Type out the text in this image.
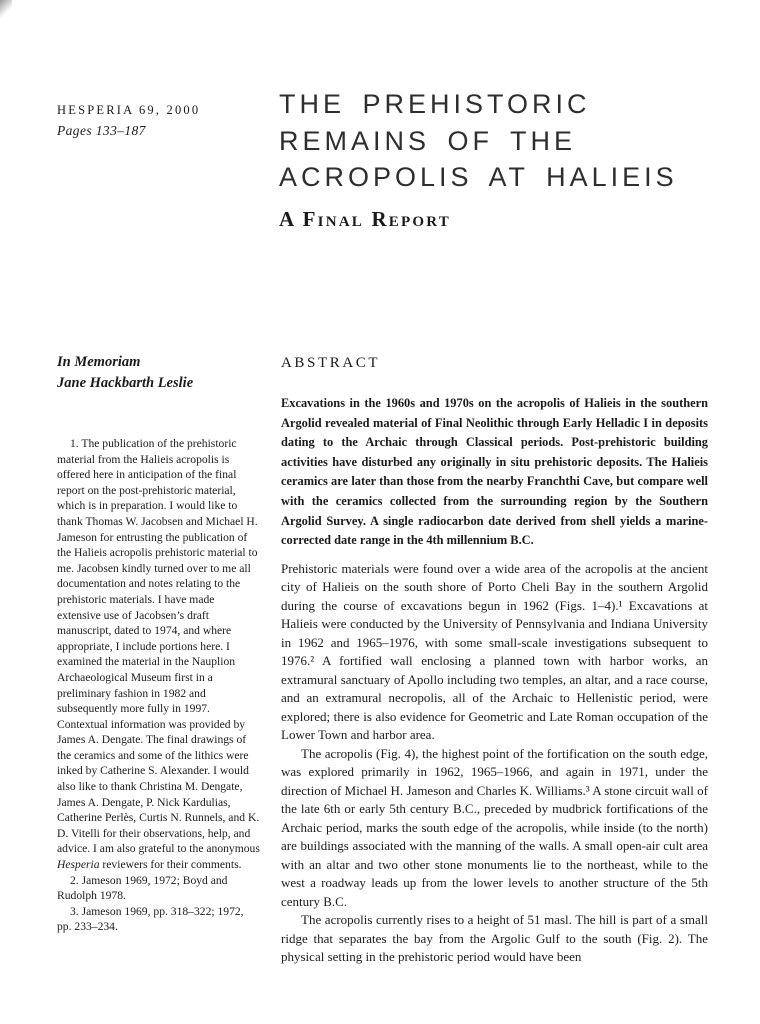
HESPERIA 69, 2000
Pages 133–187
THE PREHISTORIC
REMAINS OF THE
ACROPOLIS AT HALIEIS
A Final Report
In Memoriam
Jane Hackbarth Leslie

1. The publication of the prehistoric material from the Halieis acropolis is offered here in anticipation of the final report on the post-prehistoric material, which is in preparation. I would like to thank Thomas W. Jacobsen and Michael H. Jameson for entrusting the publication of the Halieis acropolis prehistoric material to me. Jacobsen kindly turned over to me all documentation and notes relating to the prehistoric materials. I have made extensive use of Jacobsen’s draft manuscript, dated to 1974, and where appropriate, I include portions here. I examined the material in the Nauplion Archaeological Museum first in a preliminary fashion in 1982 and subsequently more fully in 1997. Contextual information was provided by James A. Dengate. The final drawings of the ceramics and some of the lithics were inked by Catherine S. Alexander. I would also like to thank Christina M. Dengate, James A. Dengate, P. Nick Kardulias, Catherine Perlès, Curtis N. Runnels, and K. D. Vitelli for their observations, help, and advice. I am also grateful to the anonymous Hesperia reviewers for their comments.

2. Jameson 1969, 1972; Boyd and Rudolph 1978.

3. Jameson 1969, pp. 318–322; 1972, pp. 233–234.

ABSTRACT

Excavations in the 1960s and 1970s on the acropolis of Halieis in the southern Argolid revealed material of Final Neolithic through Early Helladic I in deposits dating to the Archaic through Classical periods. Post-prehistoric building activities have disturbed any originally in situ prehistoric deposits. The Halieis ceramics are later than those from the nearby Franchthi Cave, but compare well with the ceramics collected from the surrounding region by the Southern Argolid Survey. A single radiocarbon date derived from shell yields a marine-corrected date range in the 4th millennium B.C.

Prehistoric materials were found over a wide area of the acropolis at the ancient city of Halieis on the south shore of Porto Cheli Bay in the southern Argolid during the course of excavations begun in 1962 (Figs. 1–4).¹ Excavations at Halieis were conducted by the University of Pennsylvania and Indiana University in 1962 and 1965–1976, with some small-scale investigations subsequent to 1976.² A fortified wall enclosing a planned town with harbor works, an extramural sanctuary of Apollo including two temples, an altar, and a race course, and an extramural necropolis, all of the Archaic to Hellenistic period, were explored; there is also evidence for Geometric and Late Roman occupation of the Lower Town and harbor area.

The acropolis (Fig. 4), the highest point of the fortification on the south edge, was explored primarily in 1962, 1965–1966, and again in 1971, under the direction of Michael H. Jameson and Charles K. Williams.³ A stone circuit wall of the late 6th or early 5th century B.C., preceded by mudbrick fortifications of the Archaic period, marks the south edge of the acropolis, while inside (to the north) are buildings associated with the manning of the walls. A small open-air cult area with an altar and two other stone monuments lie to the northeast, while to the west a roadway leads up from the lower levels to another structure of the 5th century B.C.

The acropolis currently rises to a height of 51 masl. The hill is part of a small ridge that separates the bay from the Argolic Gulf to the south (Fig. 2). The physical setting in the prehistoric period would have been
